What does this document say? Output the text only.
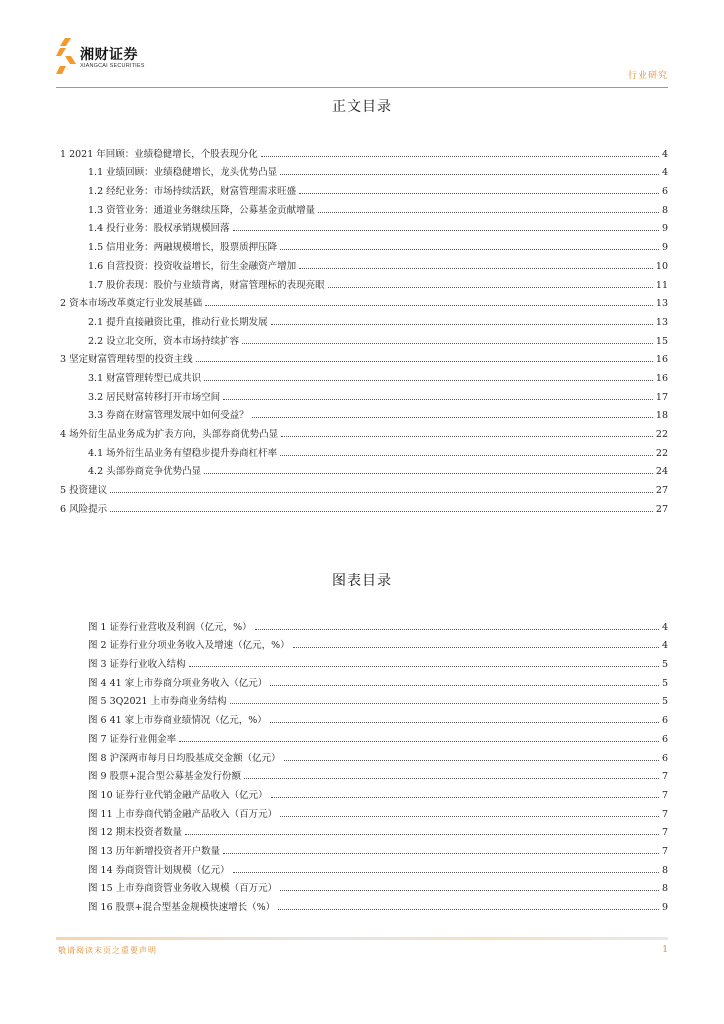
湘财证券
XIANGCAI SECURITIES
行业研究
正文目录
1 2021 年回顾：业绩稳健增长，个股表现分化	4
1.1 业绩回顾：业绩稳健增长，龙头优势凸显	4
1.2 经纪业务：市场持续活跃，财富管理需求旺盛	6
1.3 资管业务：通道业务继续压降，公募基金贡献增量	8
1.4 投行业务：股权承销规模回落	9
1.5 信用业务：两融规模增长，股票质押压降	9
1.6 自营投资：投资收益增长，衍生金融资产增加	10
1.7 股价表现：股价与业绩背离，财富管理标的表现亮眼	11
2 资本市场改革奠定行业发展基础	13
2.1 提升直接融资比重，推动行业长期发展	13
2.2 设立北交所，资本市场持续扩容	15
3 坚定财富管理转型的投资主线	16
3.1 财富管理转型已成共识	16
3.2 居民财富转移打开市场空间	17
3.3 券商在财富管理发展中如何受益？	18
4 场外衍生品业务成为扩表方向，头部券商优势凸显	22
4.1 场外衍生品业务有望稳步提升券商杠杆率	22
4.2 头部券商竞争优势凸显	24
5 投资建议	27
6 风险提示	27
图表目录
图 1 证券行业营收及利润（亿元，%）	4
图 2 证券行业分项业务收入及增速（亿元，%）	4
图 3 证券行业收入结构	5
图 4 41 家上市券商分项业务收入（亿元）	5
图 5 3Q2021 上市券商业务结构	5
图 6 41 家上市券商业绩情况（亿元，%）	6
图 7 证券行业佣金率	6
图 8 沪深两市每月日均股基成交金额（亿元）	6
图 9 股票+混合型公募基金发行份额	7
图 10 证券行业代销金融产品收入（亿元）	7
图 11 上市券商代销金融产品收入（百万元）	7
图 12 期末投资者数量	7
图 13 历年新增投资者开户数量	7
图 14 券商资管计划规模（亿元）	8
图 15 上市券商资管业务收入规模（百万元）	8
图 16 股票+混合型基金规模快速增长（%）	9
敬请阅读末页之重要声明	1
